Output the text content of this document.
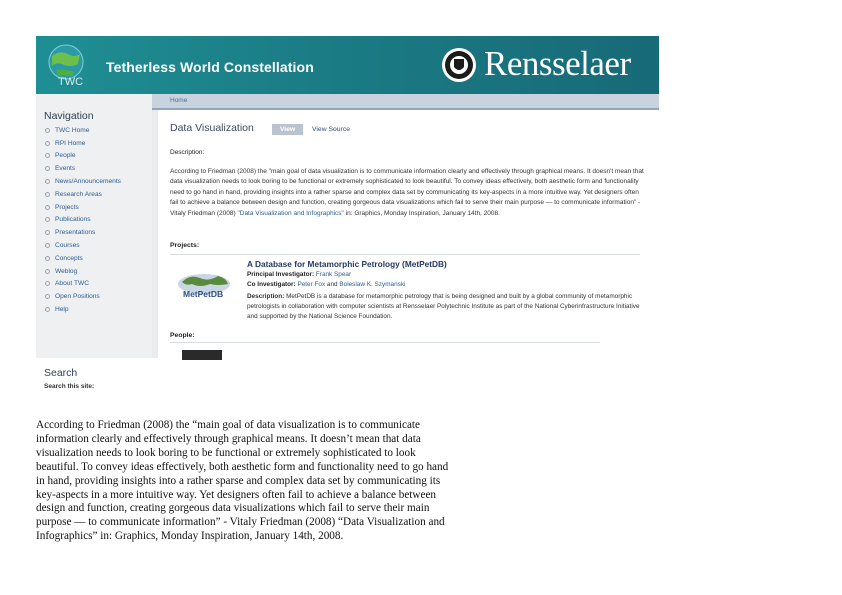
TWC
Tetherless World Constellation	Rensselaer
Navigation
TWC Home
RPI Home
People
Events
News/Announcements
Research Areas
Projects
Publications
Presentations
Courses
Concepts
Weblog
About TWC
Open Positions
Help
Search
Search this site:
Home
Data Visualization	View	View Source
Description:

According to Friedman (2008) the "main goal of data visualization is to communicate information clearly and effectively through graphical means. It doesn't mean that data visualization needs to look boring to be functional or extremely sophisticated to look beautiful. To convey ideas effectively, both aesthetic form and functionality need to go hand in hand, providing insights into a rather sparse and complex data set by communicating its key-aspects in a more intuitive way. Yet designers often fail to achieve a balance between design and function, creating gorgeous data visualizations which fail to serve their main purpose — to communicate information" - Vitaly Friedman (2008) "Data Visualization and Infographics" in: Graphics, Monday Inspiration, January 14th, 2008.

Projects:
MetPetDB
A Database for Metamorphic Petrology (MetPetDB)
Principal Investigator: Frank Spear
Co Investigator: Peter Fox and Boleslaw K. Szymanski

Description: MetPetDB is a database for metamorphic petrology that is being designed and built by a global community of metamorphic petrologists in collaboration with computer scientists at Rensselaer Polytechnic Institute as part of the National Cyberinfrastructure Initiative and supported by the National Science Foundation.

People:

According to Friedman (2008) the “main goal of data visualization is to communicate information clearly and effectively through graphical means. It doesn’t mean that data visualization needs to look boring to be functional or extremely sophisticated to look beautiful. To convey ideas effectively, both aesthetic form and functionality need to go hand in hand, providing insights into a rather sparse and complex data set by communicating its key-aspects in a more intuitive way. Yet designers often fail to achieve a balance between design and function, creating gorgeous data visualizations which fail to serve their main purpose — to communicate information” - Vitaly Friedman (2008) “Data Visualization and Infographics” in: Graphics, Monday Inspiration, January 14th, 2008.
